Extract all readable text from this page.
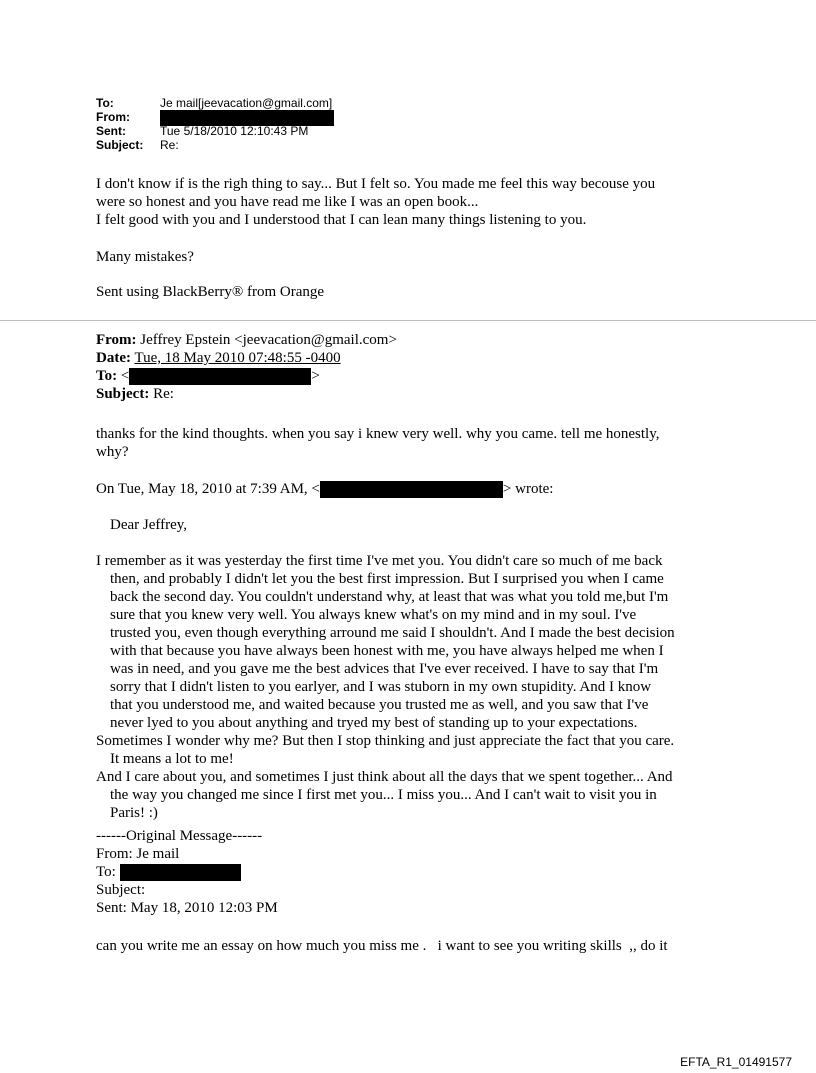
To:	Je mail[jeevacation@gmail.com]
From:
Sent:	Tue 5/18/2010 12:10:43 PM
Subject:	Re:
I don't know if is the righ thing to say... But I felt so. You made me feel this way becouse you
were so honest and you have read me like I was an open book...
I felt good with you and I understood that I can lean many things listening to you.
Many mistakes?
Sent using BlackBerry® from Orange
From: Jeffrey Epstein <jeevacation@gmail.com>
Date: Tue, 18 May 2010 07:48:55 -0400
To: <	>
Subject: Re:
thanks for the kind thoughts. when you say i knew very well. why you came. tell me honestly,
why?
On Tue, May 18, 2010 at 7:39 AM, <	> wrote:
Dear Jeffrey,
I remember as it was yesterday the first time I've met you. You didn't care so much of me back
then, and probably I didn't let you the best first impression. But I surprised you when I came
back the second day. You couldn't understand why, at least that was what you told me,but I'm
sure that you knew very well. You always knew what's on my mind and in my soul. I've
trusted you, even though everything arround me said I shouldn't. And I made the best decision
with that because you have always been honest with me, you have always helped me when I
was in need, and you gave me the best advices that I've ever received. I have to say that I'm
sorry that I didn't listen to you earlyer, and I was stuborn in my own stupidity. And I know
that you understood me, and waited because you trusted me as well, and you saw that I've
never lyed to you about anything and tryed my best of standing up to your expectations.
Sometimes I wonder why me? But then I stop thinking and just appreciate the fact that you care.
It means a lot to me!
And I care about you, and sometimes I just think about all the days that we spent together... And
the way you changed me since I first met you... I miss you... And I can't wait to visit you in
Paris! :)
------Original Message------
From: Je mail
To:
Subject:
Sent: May 18, 2010 12:03 PM
can you write me an essay on how much you miss me .   i want to see you writing skills  ,, do it
EFTA_R1_01491577
